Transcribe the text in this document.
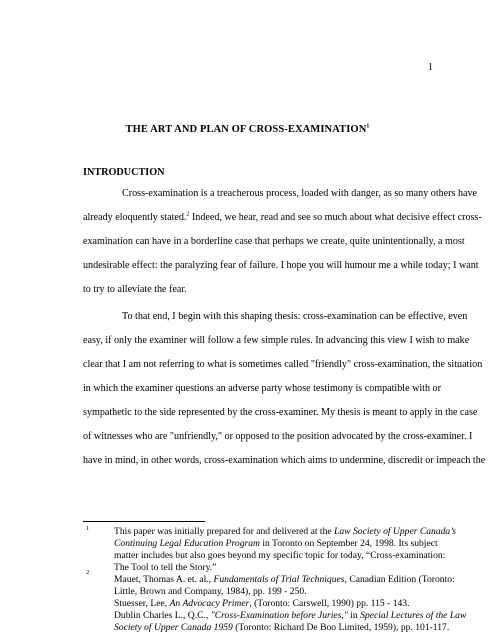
1
THE ART AND PLAN OF CROSS-EXAMINATION$^1$
INTRODUCTION
Cross-examination is a treacherous process, loaded with danger, as so many others have
already eloquently stated.$^2$ Indeed, we hear, read and see so much about what decisive effect cross-
examination can have in a borderline case that perhaps we create, quite unintentionally, a most
undesirable effect: the paralyzing fear of failure. I hope you will humour me a while today; I want
to try to alleviate the fear.
To that end, I begin with this shaping thesis: cross-examination can be effective, even
easy, if only the examiner will follow a few simple rules. In advancing this view I wish to make
clear that I am not referring to what is sometimes called "friendly" cross-examination, the situation
in which the examiner questions an adverse party whose testimony is compatible with or
sympathetic to the side represented by the cross-examiner. My thesis is meant to apply in the case
of witnesses who are "unfriendly," or opposed to the position advocated by the cross-examiner. I
have in mind, in other words, cross-examination which aims to undermine, discredit or impeach the
1	This paper was initially prepared for and delivered at the Law Society of Upper Canada’s
Continuing Legal Education Program in Toronto on September 24, 1998. Its subject
matter includes but also goes beyond my specific topic for today, “Cross-examination:
The Tool to tell the Story.”
2
Mauet, Thomas A. et. al., Fundamentals of Trial Techniques, Canadian Edition (Toronto:
Little, Brown and Company, 1984), pp. 199 - 250.
Stuesser, Lee, An Advocacy Primer, (Toronto: Carswell, 1990) pp. 115 - 143.
Dublin Charles L., Q.C., "Cross-Examination before Juries," in Special Lectures of the Law
Society of Upper Canada 1959 (Toronto: Richard De Boo Limited, 1959), pp. 101-117.
